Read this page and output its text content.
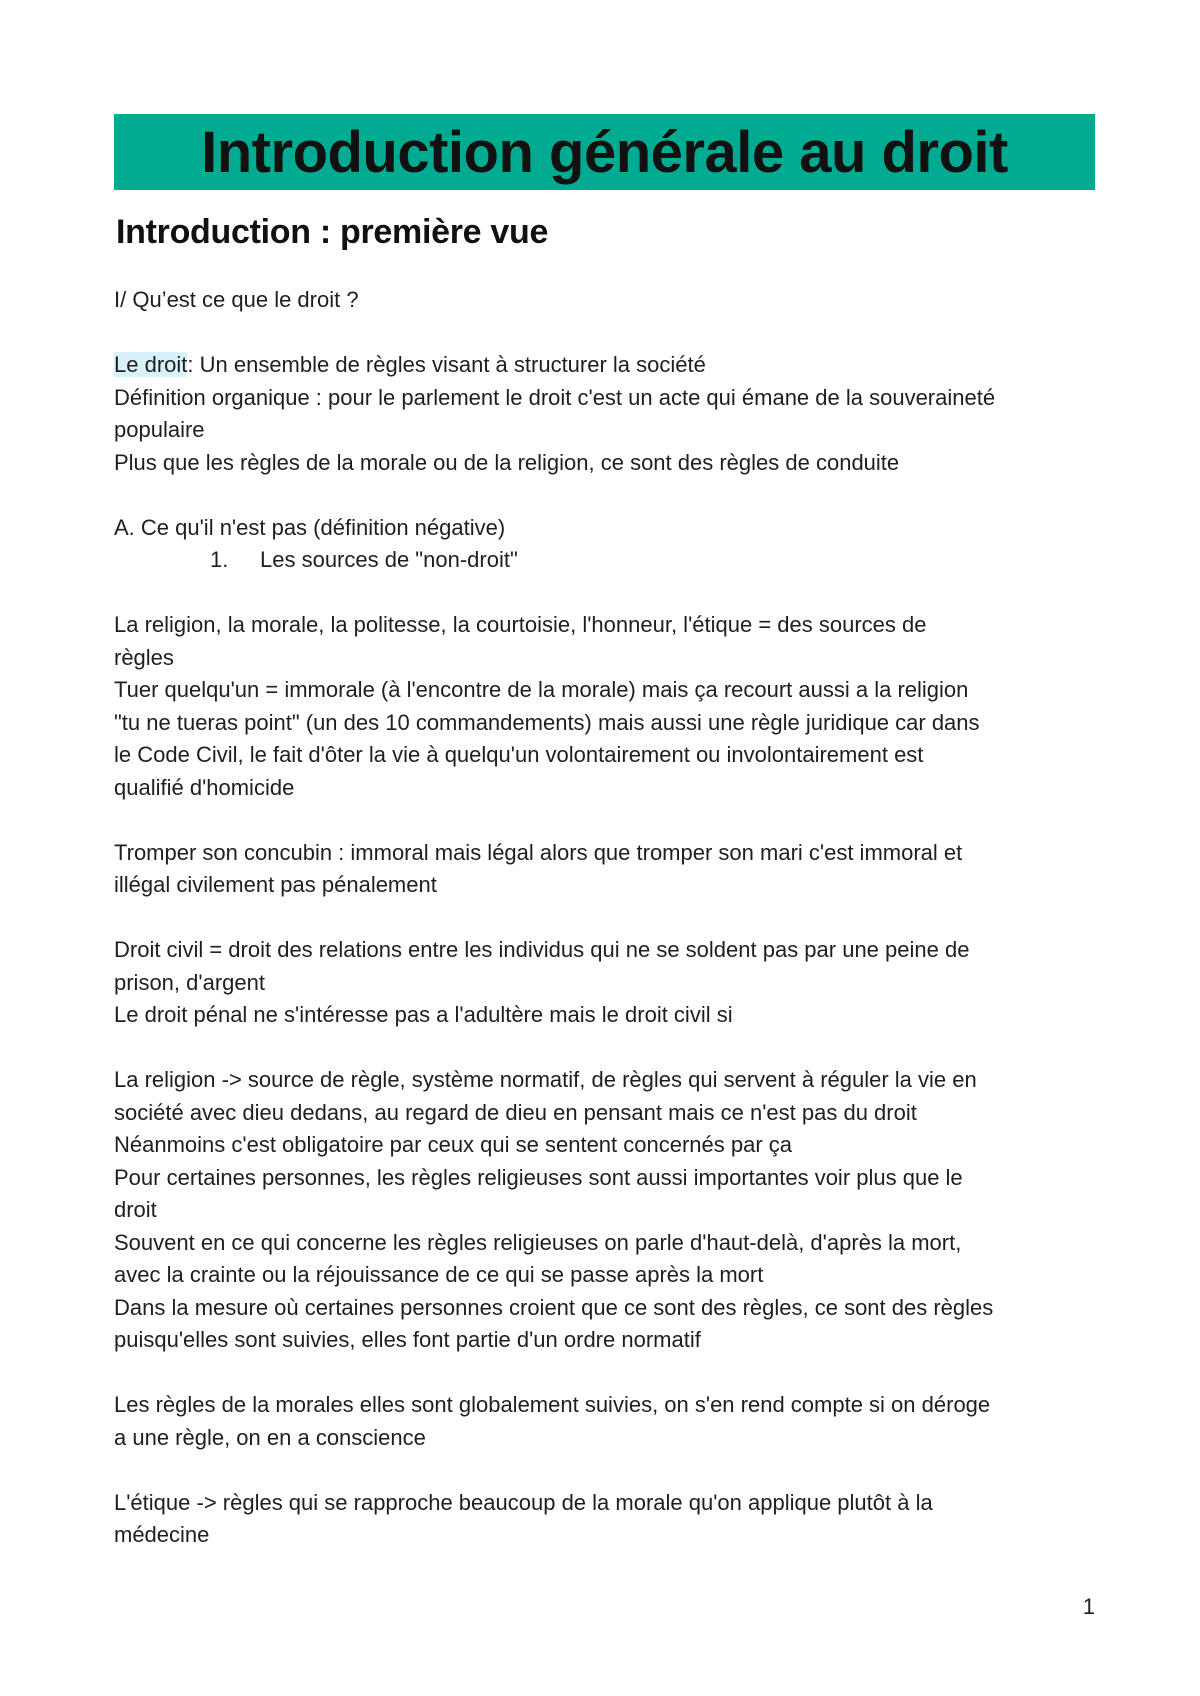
Introduction générale au droit
Introduction : première vue

I/ Qu’est ce que le droit ?

Le droit: Un ensemble de règles visant à structurer la société

Définition organique : pour le parlement le droit c'est un acte qui émane de la souveraineté

populaire

Plus que les règles de la morale ou de la religion, ce sont des règles de conduite

A. Ce qu'il n'est pas (définition négative)

1. Les sources de "non-droit"

La religion, la morale, la politesse, la courtoisie, l'honneur, l'étique = des sources de

règles

Tuer quelqu'un = immorale (à l'encontre de la morale) mais ça recourt aussi a la religion

"tu ne tueras point" (un des 10 commandements) mais aussi une règle juridique car dans

le Code Civil, le fait d'ôter la vie à quelqu'un volontairement ou involontairement est

qualifié d'homicide

Tromper son concubin : immoral mais légal alors que tromper son mari c'est immoral et

illégal civilement pas pénalement

Droit civil = droit des relations entre les individus qui ne se soldent pas par une peine de

prison, d'argent

Le droit pénal ne s'intéresse pas a l'adultère mais le droit civil si

La religion -> source de règle, système normatif, de règles qui servent à réguler la vie en

société avec dieu dedans, au regard de dieu en pensant mais ce n'est pas du droit

Néanmoins c'est obligatoire par ceux qui se sentent concernés par ça

Pour certaines personnes, les règles religieuses sont aussi importantes voir plus que le

droit

Souvent en ce qui concerne les règles religieuses on parle d'haut-delà, d'après la mort,

avec la crainte ou la réjouissance de ce qui se passe après la mort

Dans la mesure où certaines personnes croient que ce sont des règles, ce sont des règles

puisqu'elles sont suivies, elles font partie d'un ordre normatif

Les règles de la morales elles sont globalement suivies, on s'en rend compte si on déroge

a une règle, on en a conscience

L'étique -> règles qui se rapproche beaucoup de la morale qu'on applique plutôt à la

médecine

1
